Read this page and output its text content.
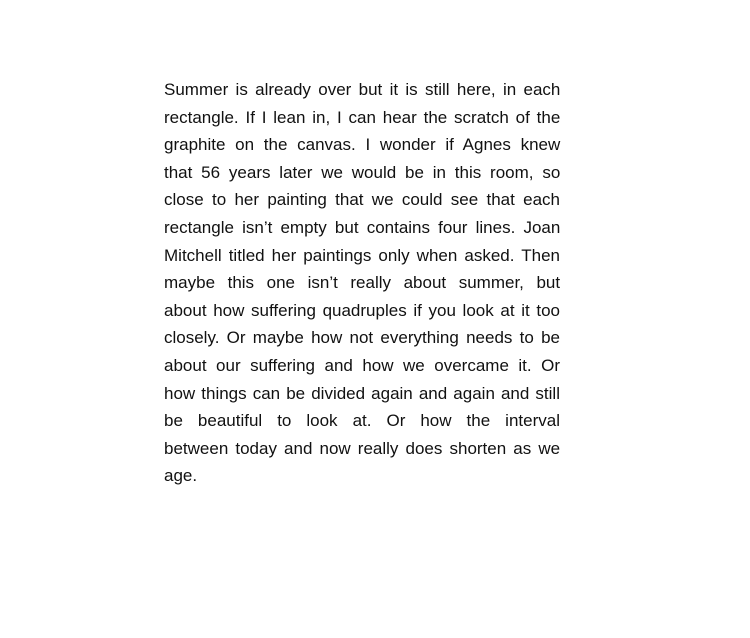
Summer is already over but it is still here, in each
rectangle. If I lean in, I can hear the scratch of the
graphite on the canvas. I wonder if Agnes knew
that 56 years later we would be in this room, so
close to her painting that we could see that each
rectangle isn’t empty but contains four lines. Joan
Mitchell titled her paintings only when asked. Then
maybe this one isn’t really about summer, but
about how suffering quadruples if you look at it too
closely. Or maybe how not everything needs to be
about our suffering and how we overcame it. Or
how things can be divided again and again and still
be beautiful to look at. Or how the interval
between today and now really does shorten as we
age.
